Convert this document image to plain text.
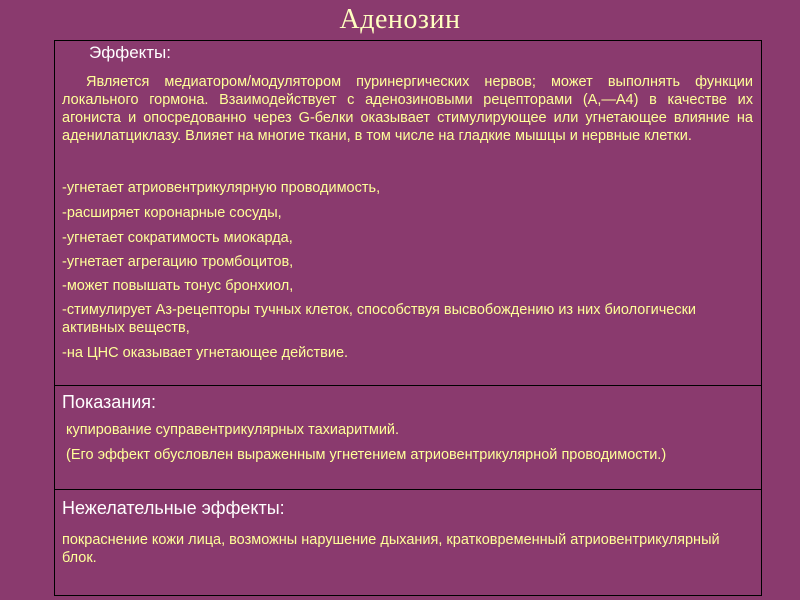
Аденозин
Эффекты:
Является медиатором/модулятором пуринергических нервов; может выполнять функции локального гормона. Взаимодействует с аденозиновыми рецепторами (А,—А4) в качестве их агониста и опосредованно через G-белки оказывает стимулирующее или угнетающее влияние на аденилатциклазу. Влияет на многие ткани, в том числе на гладкие мышцы и нервные клетки.
-угнетает атриовентрикулярную проводимость,
-расширяет коронарные сосуды,
-угнетает сократимость миокарда,
-угнетает агрегацию тромбоцитов,
-может повышать тонус бронхиол,
-стимулирует Аз-рецепторы тучных клеток, способствуя высвобождению из них биологически активных веществ,
-на ЦНС оказывает угнетающее действие.
Показания:
купирование суправентрикулярных тахиаритмий.
(Его эффект обусловлен выраженным угнетением атриовентрикулярной проводимости.)
Нежелательные эффекты:
покраснение кожи лица, возможны нарушение дыхания, кратковременный атриовентрикулярный блок.
